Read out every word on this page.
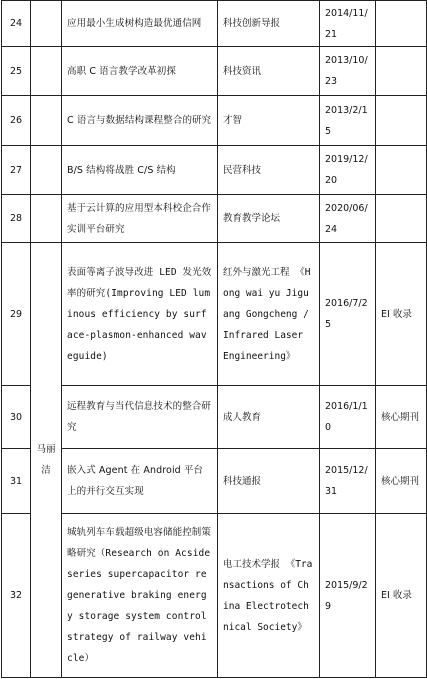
24		应用最小生成树构造最优通信网	科技创新导报	2014/11/21	
25		高职 C 语言教学改革初探	科技资讯	2013/10/23	
26		C 语言与数据结构课程整合的研究	才智	2013/2/15	
27		B/S 结构将战胜 C/S 结构	民营科技	2019/12/20	
28		基于云计算的应用型本科校企合作实训平台研究	教育教学论坛	2020/06/24	
29	马丽洁	表面等离子波导改进 LED 发光效率的研究(Improving LED luminous efficiency by surface-plasmon-enhanced waveguide)	红外与激光工程 《Hong wai yu Jiguang Gongcheng /Infrared Laser Engineering》	2016/7/25	EI 收录
30		远程教育与当代信息技术的整合研究	成人教育	2016/1/10	核心期刊
31		嵌入式 Agent 在 Android 平台上的并行交互实现	科技通报	2015/12/31	核心期刊
32		城轨列车车载超级电容储能控制策略研究（Research on Acside series supercapacitor regenerative braking energy storage system control strategy of railway vehicle）	电工技术学报 《Transactions of China Electrotechnical Society》	2015/9/29	EI 收录
